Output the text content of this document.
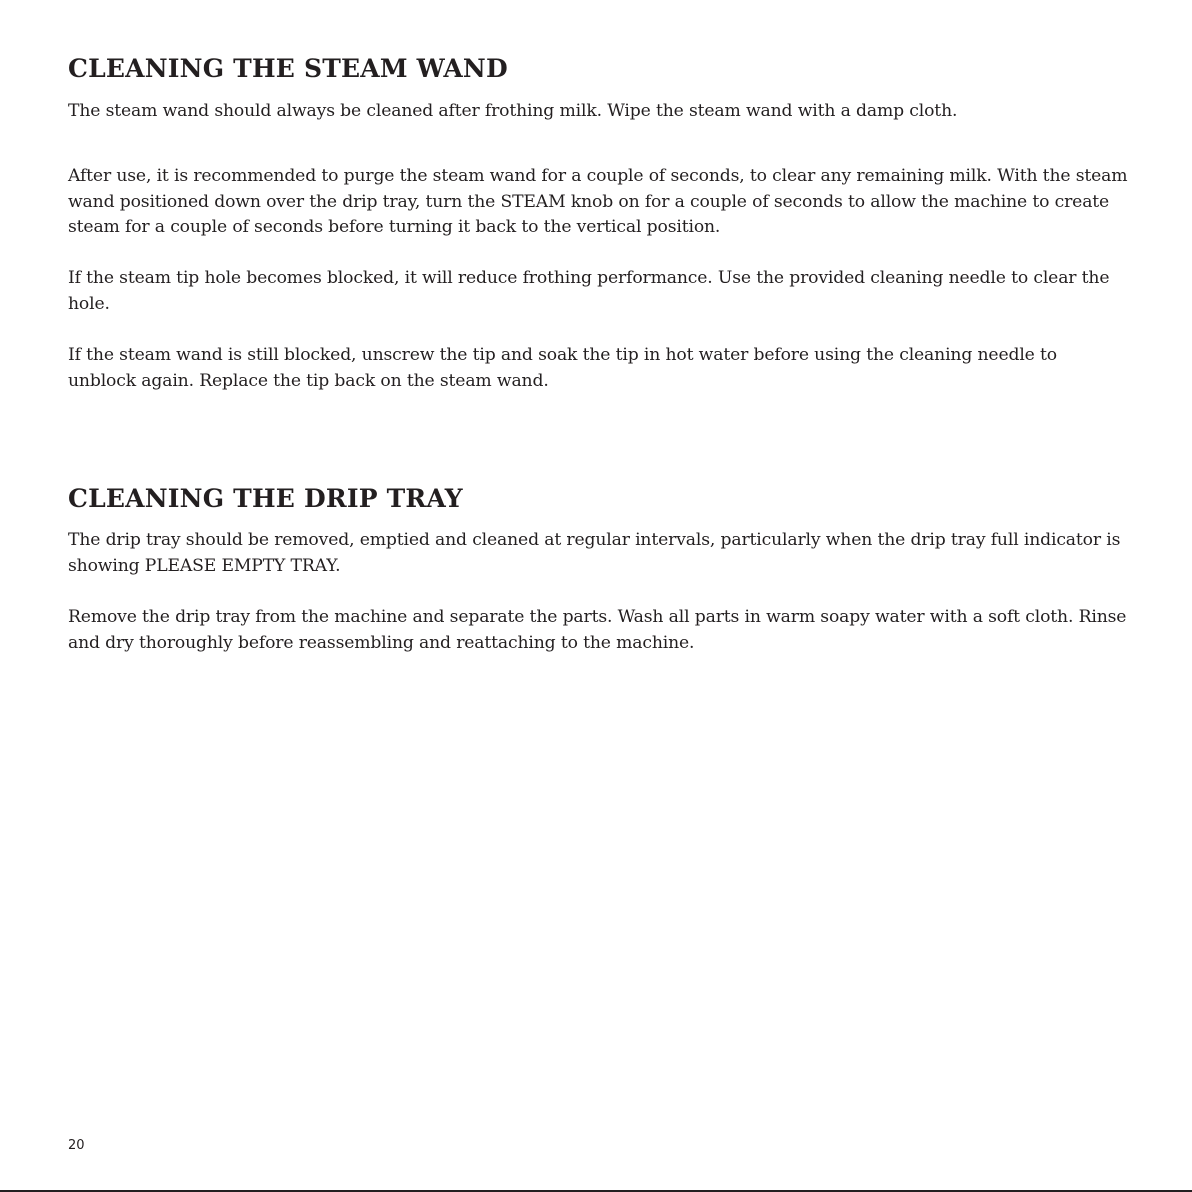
CLEANING THE STEAM WAND

The steam wand should always be cleaned after frothing milk. Wipe the steam wand with a damp cloth.

After use, it is recommended to purge the steam wand for a couple of seconds, to clear any remaining milk. With the steam wand positioned down over the drip tray, turn the STEAM knob on for a couple of seconds to allow the machine to create steam for a couple of seconds before turning it back to the vertical position.

If the steam tip hole becomes blocked, it will reduce frothing performance. Use the provided cleaning needle to clear the hole.

If the steam wand is still blocked, unscrew the tip and soak the tip in hot water before using the cleaning needle to unblock again. Replace the tip back on the steam wand.

CLEANING THE DRIP TRAY

The drip tray should be removed, emptied and cleaned at regular intervals, particularly when the drip tray full indicator is showing PLEASE EMPTY TRAY.

Remove the drip tray from the machine and separate the parts. Wash all parts in warm soapy water with a soft cloth. Rinse and dry thoroughly before reassembling and reattaching to the machine.

20
